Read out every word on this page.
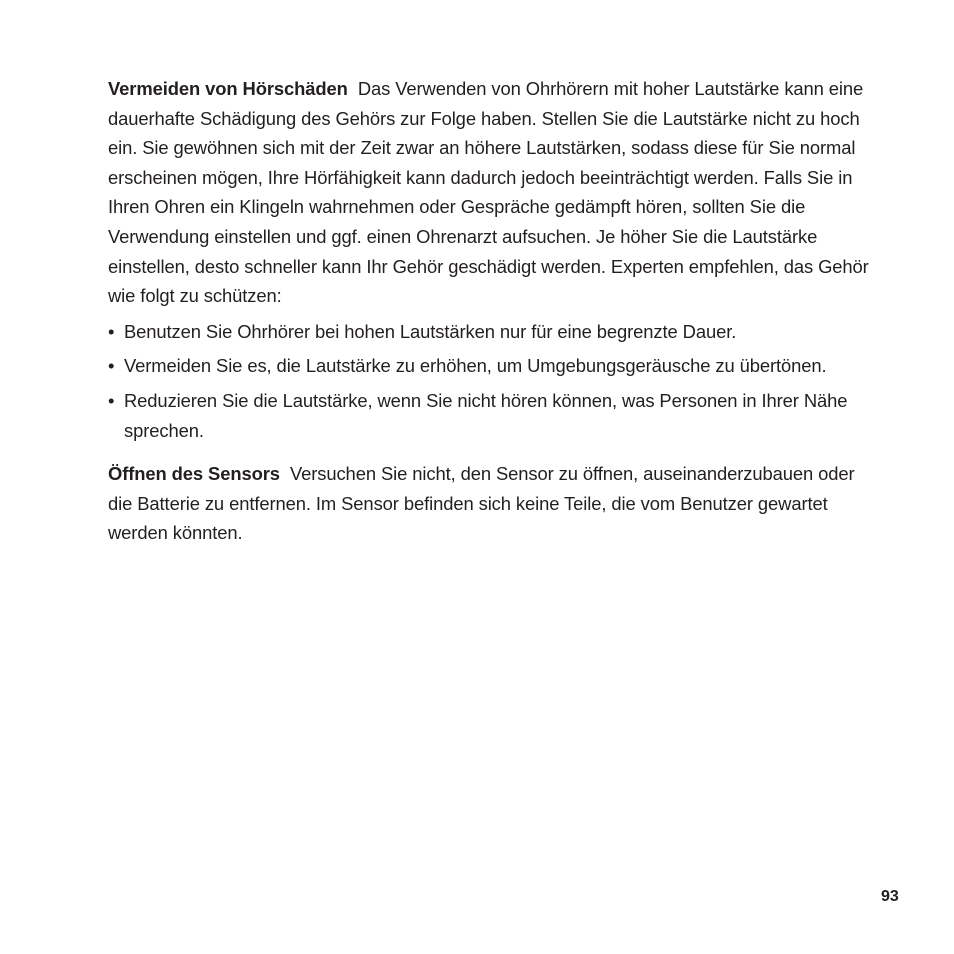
Vermeiden von Hörschäden Das Verwenden von Ohrhörern mit hoher Lautstärke kann eine dauerhafte Schädigung des Gehörs zur Folge haben. Stellen Sie die Lautstärke nicht zu hoch ein. Sie gewöhnen sich mit der Zeit zwar an höhere Lautstärken, sodass diese für Sie normal erscheinen mögen, Ihre Hörfähigkeit kann dadurch jedoch beeinträchtigt werden. Falls Sie in Ihren Ohren ein Klingeln wahrnehmen oder Gespräche gedämpft hören, sollten Sie die Verwendung einstellen und ggf. einen Ohrenarzt aufsuchen. Je höher Sie die Lautstärke einstellen, desto schneller kann Ihr Gehör geschädigt werden. Experten empfehlen, das Gehör wie folgt zu schützen:

• Benutzen Sie Ohrhörer bei hohen Lautstärken nur für eine begrenzte Dauer.
• Vermeiden Sie es, die Lautstärke zu erhöhen, um Umgebungsgeräusche zu übertönen.
• Reduzieren Sie die Lautstärke, wenn Sie nicht hören können, was Personen in Ihrer Nähe sprechen.

Öffnen des Sensors Versuchen Sie nicht, den Sensor zu öffnen, auseinanderzubauen oder die Batterie zu entfernen. Im Sensor befinden sich keine Teile, die vom Benutzer gewartet werden könnten.

93
